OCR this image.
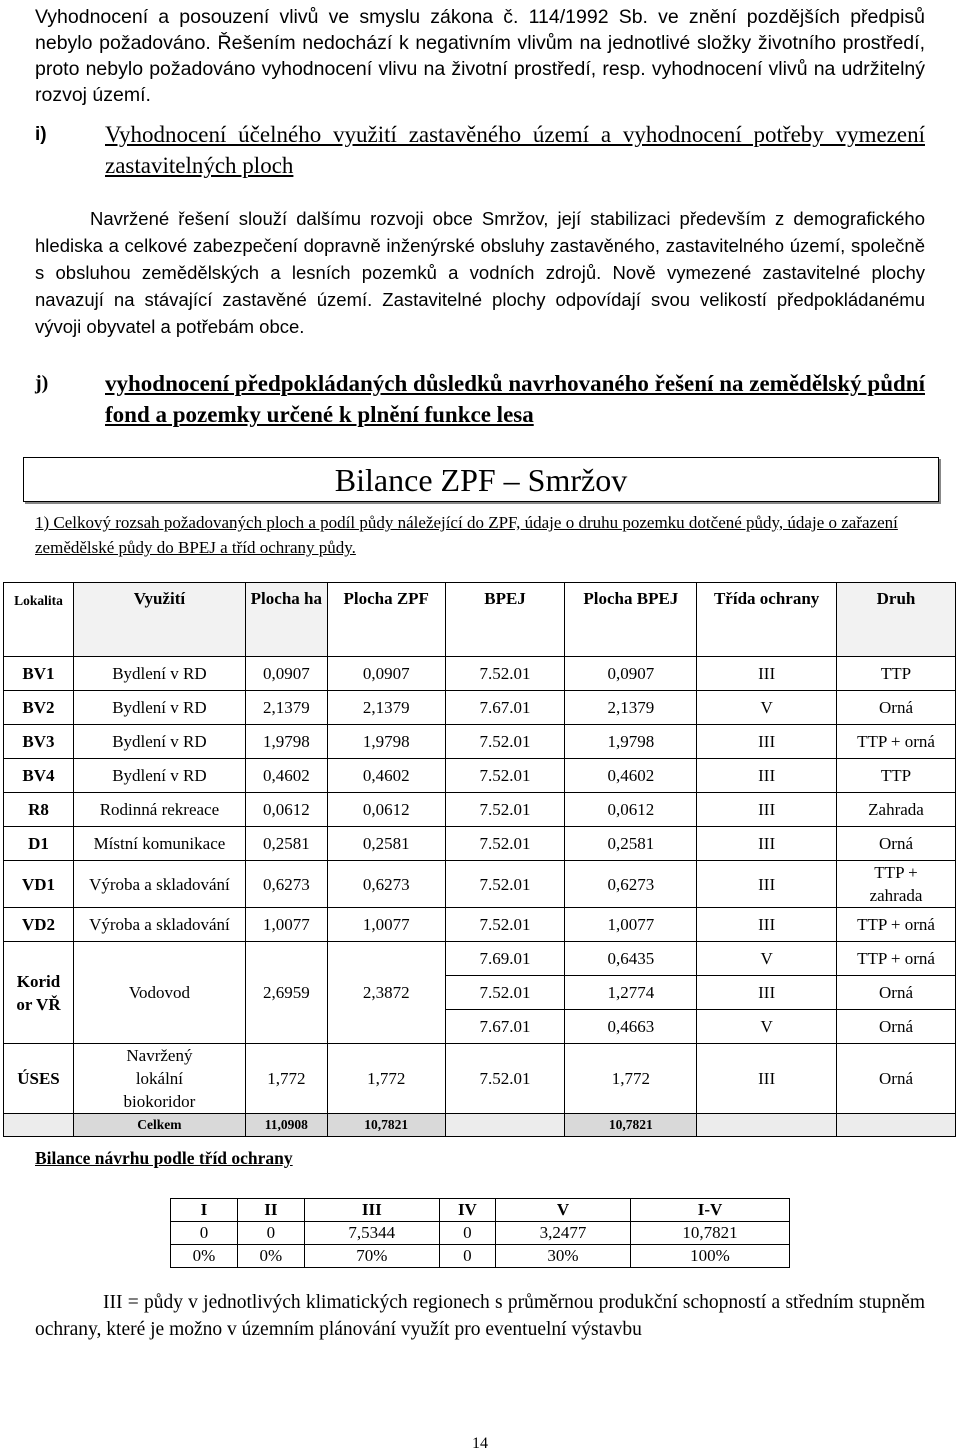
Vyhodnocení a posouzení vlivů ve smyslu zákona č. 114/1992 Sb. ve znění pozdějších předpisů nebylo požadováno. Řešením nedochází k negativním vlivům na jednotlivé složky životního prostředí, proto nebylo požadováno vyhodnocení vlivu na životní prostředí, resp. vyhodnocení vlivů na udržitelný rozvoj území.

i)	Vyhodnocení účelného využití zastavěného území a vyhodnocení potřeby vymezení zastavitelných ploch

Navržené řešení slouží dalšímu rozvoji obce Smržov, její stabilizaci především z demografického hlediska a celkové zabezpečení dopravně inženýrské obsluhy zastavěného, zastavitelného území, společně s obsluhou zemědělských a lesních pozemků a vodních zdrojů. Nově vymezené zastavitelné plochy navazují na stávající zastavěné území. Zastavitelné plochy odpovídají svou velikostí předpokládanému vývoji obyvatel a potřebám obce.

j) vyhodnocení předpokládaných důsledků navrhovaného řešení na zemědělský půdní fond a pozemky určené k plnění funkce lesa
Bilance ZPF – Smržov

1) Celkový rozsah požadovaných ploch a podíl půdy náležející do ZPF, údaje o druhu pozemku dotčené půdy, údaje o zařazení zemědělské půdy do BPEJ a tříd ochrany půdy.

Lokalita	Využití	Plocha ha	Plocha ZPF	BPEJ	Plocha BPEJ	Třída ochrany	Druh
BV1	Bydlení v RD	0,0907	0,0907	7.52.01	0,0907	III	TTP
BV2	Bydlení v RD	2,1379	2,1379	7.67.01	2,1379	V	Orná
BV3	Bydlení v RD	1,9798	1,9798	7.52.01	1,9798	III	TTP + orná
BV4	Bydlení v RD	0,4602	0,4602	7.52.01	0,4602	III	TTP
R8	Rodinná rekreace	0,0612	0,0612	7.52.01	0,0612	III	Zahrada
D1	Místní komunikace	0,2581	0,2581	7.52.01	0,2581	III	Orná
VD1	Výroba a skladování	0,6273	0,6273	7.52.01	0,6273	III	TTP + zahrada
VD2	Výroba a skladování	1,0077	1,0077	7.52.01	1,0077	III	TTP + orná
Korid or VŘ	Vodovod	2,6959	2,3872	7.69.01	0,6435	V	TTP + orná
				7.52.01	1,2774	III	Orná
				7.67.01	0,4663	V	Orná
ÚSES	Navržený lokální biokoridor	1,772	1,772	7.52.01	1,772	III	Orná
	Celkem	11,0908	10,7821		10,7821		

Bilance návrhu podle tříd ochrany

I	II	III	IV	V	I-V
0	0	7,5344	0	3,2477	10,7821
0%	0%	70%	0	30%	100%

III = půdy v jednotlivých klimatických regionech s průměrnou produkční schopností a středním stupněm ochrany, které je možno v územním plánování využít pro eventuelní výstavbu

14
